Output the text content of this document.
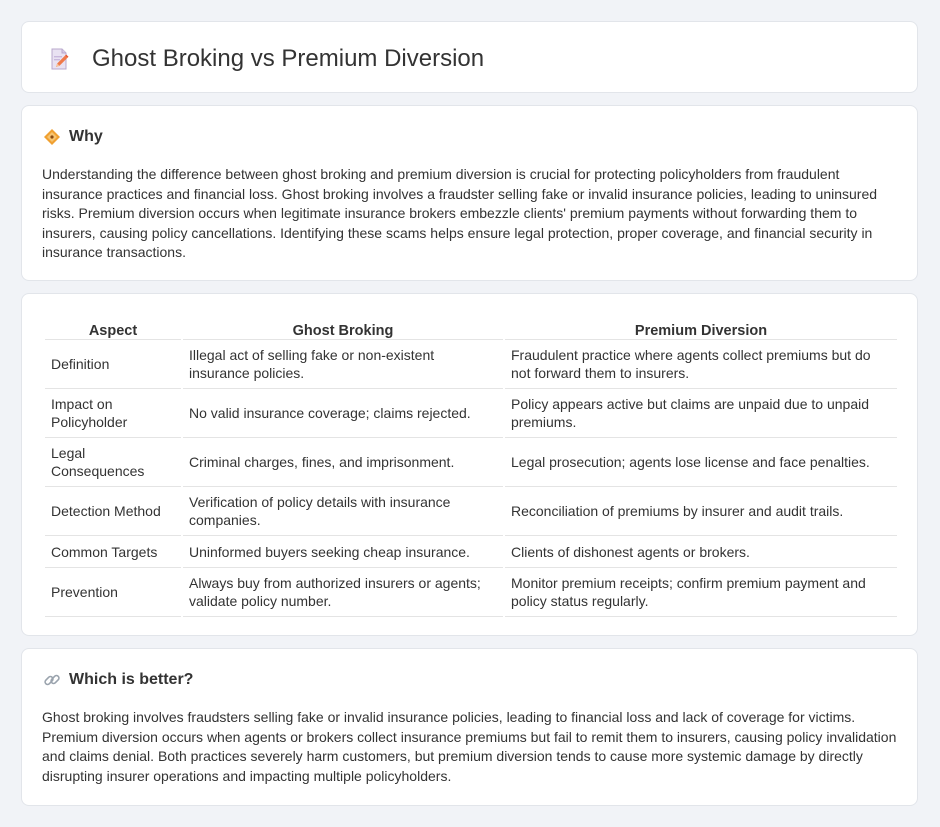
Ghost Broking vs Premium Diversion
Why

Understanding the difference between ghost broking and premium diversion is crucial for protecting policyholders from fraudulent insurance practices and financial loss. Ghost broking involves a fraudster selling fake or invalid insurance policies, leading to uninsured risks. Premium diversion occurs when legitimate insurance brokers embezzle clients' premium payments without forwarding them to insurers, causing policy cancellations. Identifying these scams helps ensure legal protection, proper coverage, and financial security in insurance transactions.

Aspect	Ghost Broking	Premium Diversion
Definition	Illegal act of selling fake or non-existent insurance policies.	Fraudulent practice where agents collect premiums but do not forward them to insurers.
Impact on Policyholder	No valid insurance coverage; claims rejected.	Policy appears active but claims are unpaid due to unpaid premiums.
Legal Consequences	Criminal charges, fines, and imprisonment.	Legal prosecution; agents lose license and face penalties.
Detection Method	Verification of policy details with insurance companies.	Reconciliation of premiums by insurer and audit trails.
Common Targets	Uninformed buyers seeking cheap insurance.	Clients of dishonest agents or brokers.
Prevention	Always buy from authorized insurers or agents; validate policy number.	Monitor premium receipts; confirm premium payment and policy status regularly.
Which is better?

Ghost broking involves fraudsters selling fake or invalid insurance policies, leading to financial loss and lack of coverage for victims. Premium diversion occurs when agents or brokers collect insurance premiums but fail to remit them to insurers, causing policy invalidation and claims denial. Both practices severely harm customers, but premium diversion tends to cause more systemic damage by directly disrupting insurer operations and impacting multiple policyholders.
